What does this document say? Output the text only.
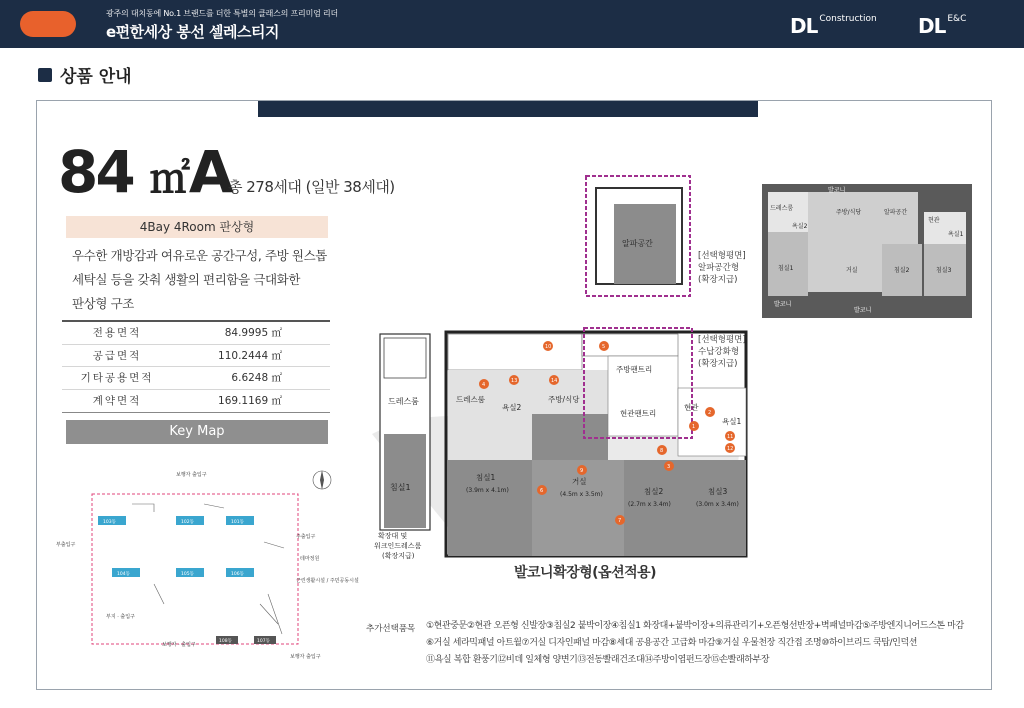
광주의 대치동에 No.1 브랜드를 더한 특별의 클래스의 프리미엄 리더
e편한세상 봉선 셀레스티지	DL $^{Construction}$ DL $^{E\&C}$
상품 안내
84 ㎡A
총 278세대 (일반 38세대)
4Bay 4Room 판상형
우수한 개방감과 여유로운 공간구성, 주방 원스톱
세탁실 등을 갖춰 생활의 편리함을 극대화한
판상형 구조
전용면적	84.9995 ㎡
공급면적	110.2444 ㎡
기타공용면적	6.6248 ㎡
계약면적	169.1169 ㎡
Key Map
보행자 출입구
부출입구
주출입구
테마정원
근린생활시설 / 주민공동시설
부지 · 출입구
보행자 · 출입구
보행자 출입구
103동	102동	101동
104동	105동	106동
108동	107동
드레스룸
침실1
드레스룸
욕실2
주방/식당
주방팬트리
현관팬트리
현관
욕실1
침실1
(3.9m x 4.1m)
거실
(4.5m x 3.5m)	침실2
(2.7m x 3.4m)
침실3
(3.0m x 3.4m)
1
2
3
4
5
6
7
8
9
10
11
12
13	14
확장대 및
워크인드레스룸
(확장지급)
알파공간
[선택형평면]
알파공간형
(확장지급)
[선택형평면]
수납강화형
(확장지급)
발코니
드레스룸
욕실2
주방/식당	알파공간
현관
욕실1
침실1	거실	침실2	침실3
발코니
발코니
발코니확장형(옵션적용)
추가선택품목 ①현관중문②현관 오픈형 신발장③침실2 붙박이장④침실1 화장대+붙박이장+의류관리기+오픈형선반장+벽패널마감⑤주방엔지니어드스톤 마감
⑥거실 세라믹패널 아트월⑦거실 디자인패널 마감⑧세대 공용공간 고급화 마감⑨거실 우물천장 직간접 조명⑩하이브리드 쿡탑/인덕션
⑪욕실 복합 환풍기⑫비데 일체형 양변기⑬전동빨래건조대⑭주방이엽펀드장⑮손빨래하부장
